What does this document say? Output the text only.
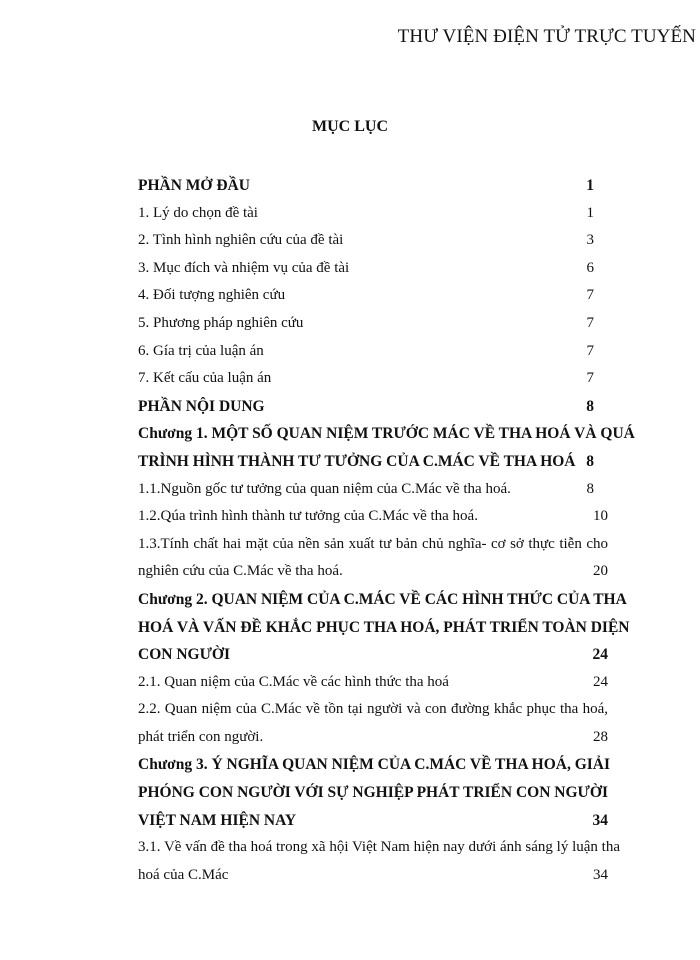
THƯ VIỆN ĐIỆN TỬ TRỰC TUYẾN
MỤC LỤC
PHẦN MỞ ĐẦU	1
1. Lý do chọn đề tài	1
2. Tình hình nghiên cứu của đề tài	3
3. Mục đích và nhiệm vụ của đề tài	6
4. Đối tượng nghiên cứu	7
5. Phương pháp nghiên cứu	7
6. Gía trị của luận án	7
7. Kết cấu của luận án	7
PHẦN NỘI DUNG	8
Chương 1. MỘT SỐ QUAN NIỆM TRƯỚC MÁC VỀ THA HOÁ VÀ QUÁ
TRÌNH HÌNH THÀNH TƯ TƯỞNG CỦA C.MÁC VỀ THA HOÁ 8
1.1.Nguồn gốc tư tưởng của quan niệm của C.Mác về tha hoá.	8
1.2.Qúa trình hình thành tư tưởng của C.Mác về tha hoá.	10
1.3.Tính chất hai mặt của nền sản xuất tư bản chủ nghĩa- cơ sở thực tiễn cho
nghiên cứu của C.Mác về tha hoá.	20
Chương 2. QUAN NIỆM CỦA C.MÁC VỀ CÁC HÌNH THỨC CỦA THA
HOÁ VÀ VẤN ĐỀ KHẮC PHỤC THA HOÁ, PHÁT TRIỂN TOÀN DIỆN
CON NGƯỜI	24
2.1. Quan niệm của C.Mác về các hình thức tha hoá	24
2.2. Quan niệm của C.Mác về tồn tại người và con đường khắc phục tha hoá,
phát triển con người.	28
Chương 3. Ý NGHĨA QUAN NIỆM CỦA C.MÁC VỀ THA HOÁ, GIẢI
PHÓNG CON NGƯỜI VỚI SỰ NGHIỆP PHÁT TRIỂN CON NGƯỜI
VIỆT NAM HIỆN NAY	34
3.1. Về vấn đề tha hoá trong xã hội Việt Nam hiện nay dưới ánh sáng lý luận tha
hoá của C.Mác	34
